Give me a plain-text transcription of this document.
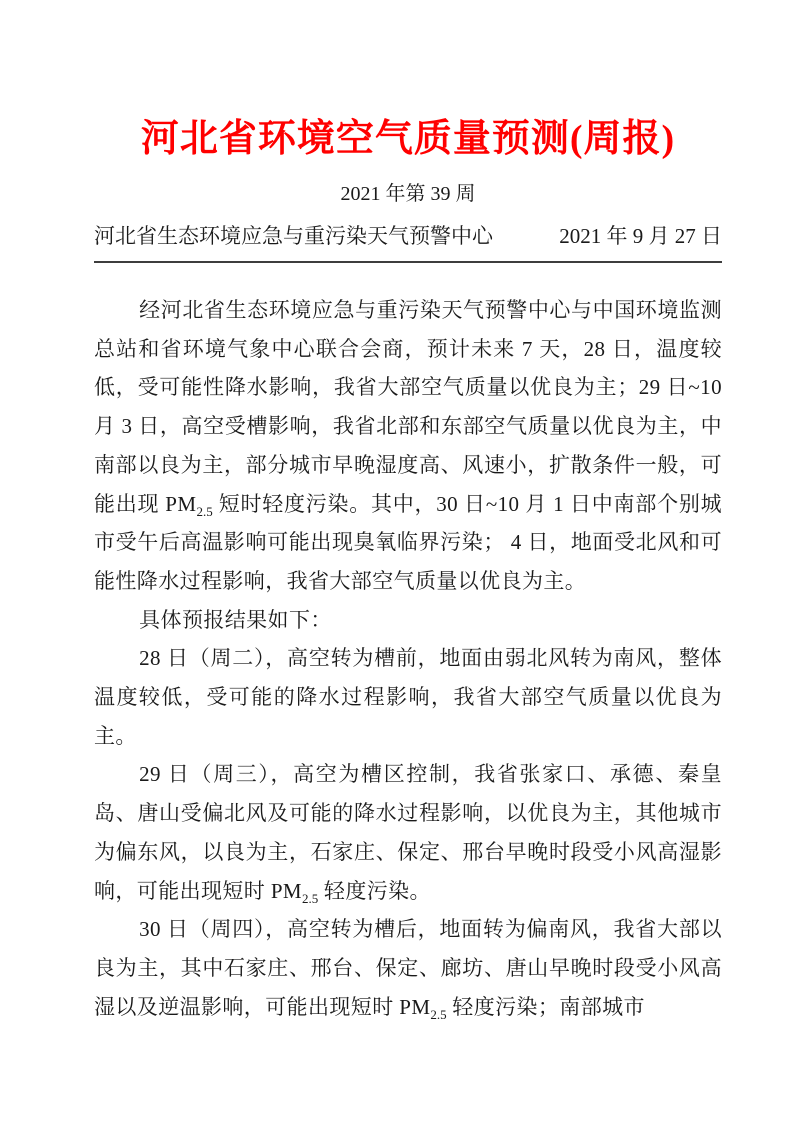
河北省环境空气质量预测(周报)
2021 年第 39 周
河北省生态环境应急与重污染天气预警中心	2021 年 9 月 27 日

经河北省生态环境应急与重污染天气预警中心与中国环境监测总站和省环境气象中心联合会商，预计未来 7 天，28 日，温度较低，受可能性降水影响，我省大部空气质量以优良为主；29 日~10 月 3 日，高空受槽影响，我省北部和东部空气质量以优良为主，中南部以良为主，部分城市早晚湿度高、风速小，扩散条件一般，可能出现 $PM_{2.5}$ 短时轻度污染。其中，30 日~10 月 1 日中南部个别城市受午后高温影响可能出现臭氧临界污染； 4 日，地面受北风和可能性降水过程影响，我省大部空气质量以优良为主。

具体预报结果如下：

28 日（周二），高空转为槽前，地面由弱北风转为南风，整体温度较低，受可能的降水过程影响，我省大部空气质量以优良为主。

29 日（周三），高空为槽区控制，我省张家口、承德、秦皇岛、唐山受偏北风及可能的降水过程影响，以优良为主，其他城市为偏东风，以良为主，石家庄、保定、邢台早晚时段受小风高湿影响，可能出现短时 $PM_{2.5}$ 轻度污染。

30 日（周四），高空转为槽后，地面转为偏南风，我省大部以良为主，其中石家庄、邢台、保定、廊坊、唐山早晚时段受小风高湿以及逆温影响，可能出现短时 $PM_{2.5}$ 轻度污染；南部城市
